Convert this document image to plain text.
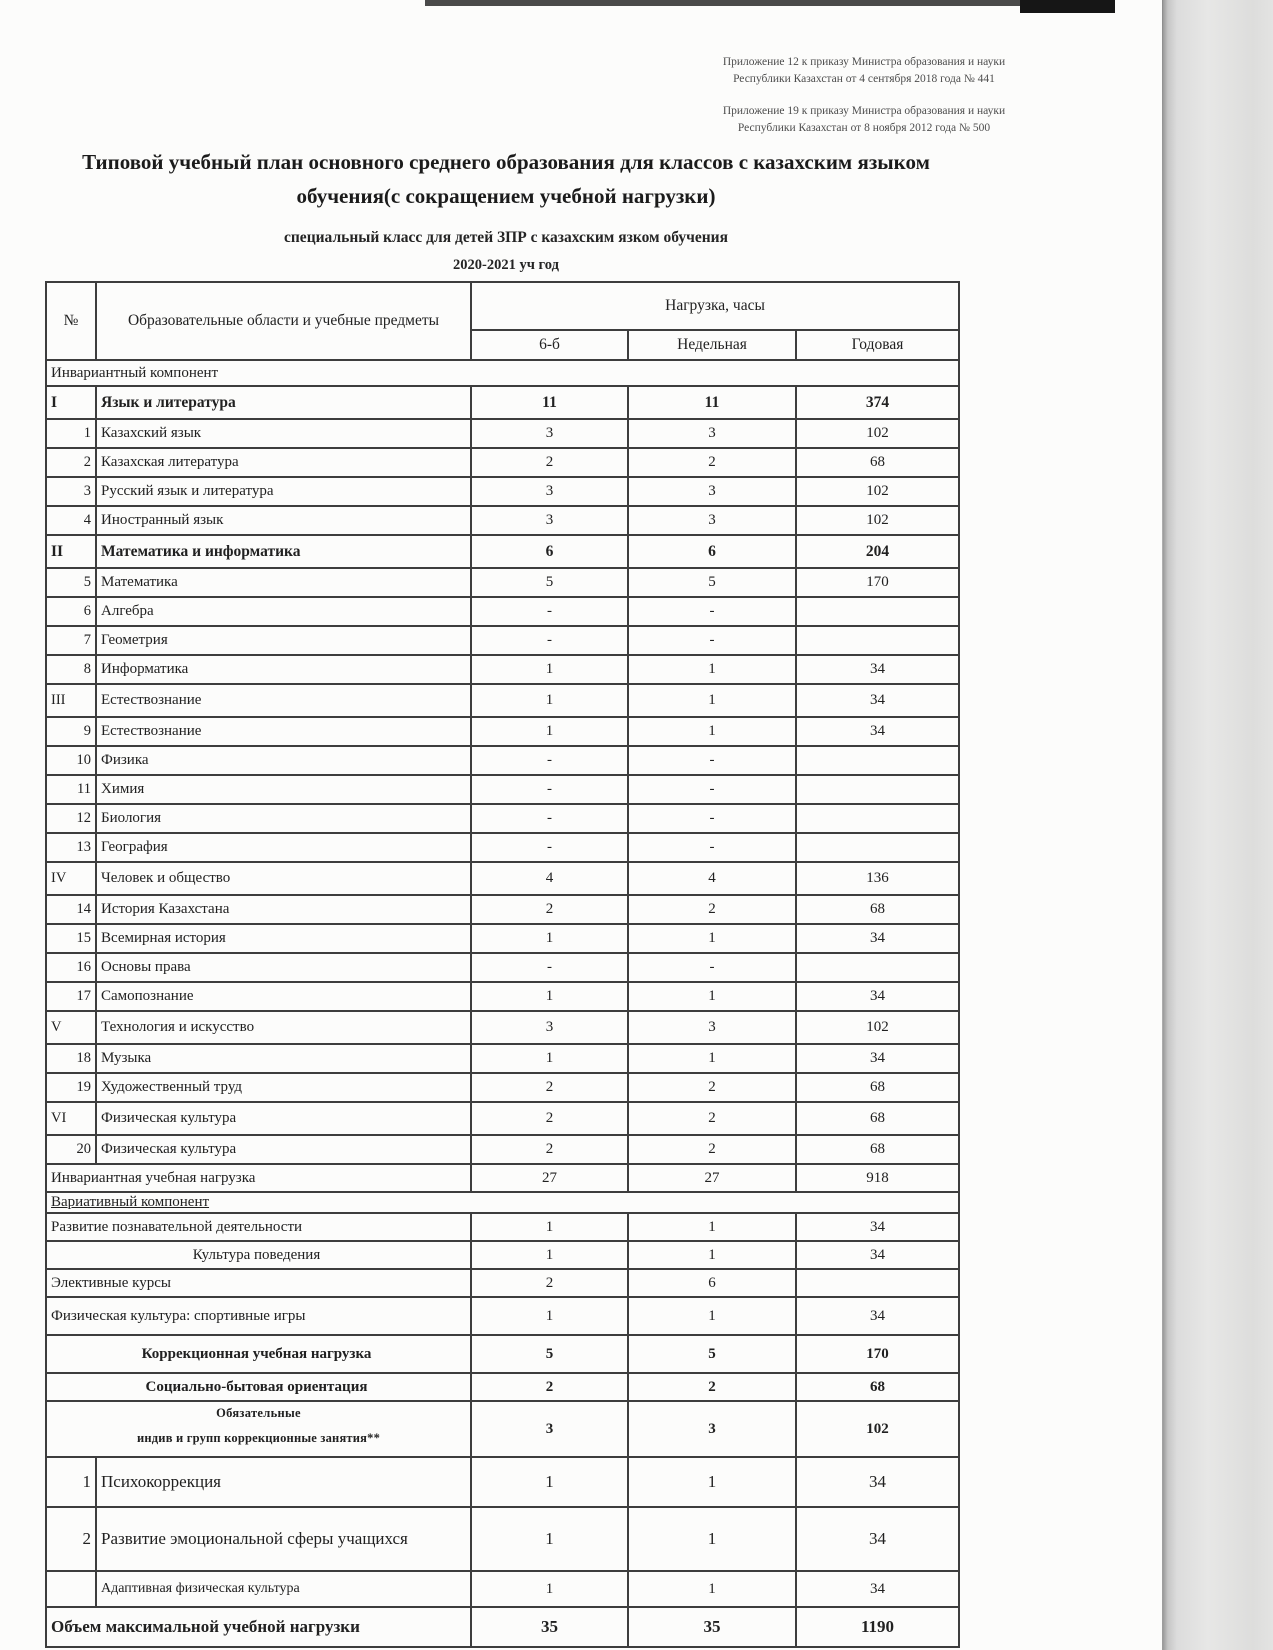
Приложение 12 к приказу Министра образования и науки
Республики Казахстан от 4 сентября 2018 года № 441

Приложение 19 к приказу Министра образования и науки
Республики Казахстан от 8 ноября 2012 года № 500

Типовой учебный план основного среднего образования для классов с казахским языком обучения(с сокращением учебной нагрузки)
специальный класс для детей ЗПР с казахским язком обучения
2020-2021 уч год
№	Образовательные области и учебные предметы	Нагрузка, часы		
		6-б	Недельная	Годовая
Инвариантный компонент				
I	Язык и литература	11	11	374
1	Казахский язык	3	3	102
2	Казахская литература	2	2	68
3	Русский язык и литература	3	3	102
4	Иностранный язык	3	3	102
II	Математика и информатика	6	6	204
5	Математика	5	5	170
6	Алгебра	-	-	
7	Геометрия	-	-	
8	Информатика	1	1	34
III	Естествознание	1	1	34
9	Естествознание	1	1	34
10	Физика	-	-	
11	Химия	-	-	
12	Биология	-	-	
13	География	-	-	
IV	Человек и общество	4	4	136
14	История Казахстана	2	2	68
15	Всемирная история	1	1	34
16	Основы права	-	-	
17	Самопознание	1	1	34
V	Технология и искусство	3	3	102
18	Музыка	1	1	34
19	Художественный труд	2	2	68
VI	Физическая культура	2	2	68
20	Физическая культура	2	2	68
Инвариантная учебная нагрузка		27	27	918
Вариативный компонент				
Развитие познавательной деятельности		1	1	34
Культура поведения		1	1	34
Элективные курсы		2	6	
Физическая культура: спортивные игры		1	1	34
Коррекционная учебная нагрузка		5	5	170
Социально-бытовая ориентация		2	2	68

Обязательные
индив и групп коррекционные занятия**		3	3	102
1	Психокоррекция	1	1	34
2	Развитие эмоциональной сферы учащихся	1	1	34
	Адаптивная физическая культура	1	1	34
Объем максимальной учебной нагрузки		35	35	1190
